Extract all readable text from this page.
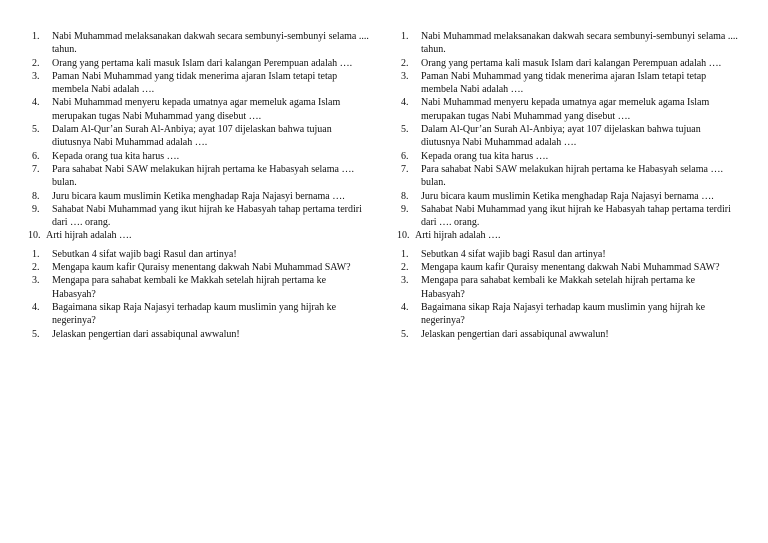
1.	Nabi Muhammad melaksanakan dakwah secara sembunyi-sembunyi selama .... tahun.
2.	Orang yang pertama kali masuk Islam dari kalangan Perempuan adalah ….
3.	Paman Nabi Muhammad yang tidak menerima ajaran Islam tetapi tetap membela Nabi adalah ….
4.	Nabi Muhammad menyeru kepada umatnya agar memeluk agama Islam merupakan tugas Nabi Muhammad yang disebut ….
5.	Dalam Al-Qur’an Surah Al-Anbiya; ayat 107 dijelaskan bahwa tujuan diutusnya Nabi Muhammad adalah ….
6.	Kepada orang tua kita harus ….
7.	Para sahabat Nabi SAW melakukan hijrah pertama ke Habasyah selama …. bulan.
8.	Juru bicara kaum muslimin Ketika menghadap Raja Najasyi bernama ….
9.	Sahabat Nabi Muhammad yang ikut hijrah ke Habasyah tahap pertama terdiri dari …. orang.
10. Arti hijrah adalah ….
1.	Sebutkan 4 sifat wajib bagi Rasul dan artinya!
2.	Mengapa kaum kafir Quraisy menentang dakwah Nabi Muhammad SAW?
3.	Mengapa para sahabat kembali ke Makkah setelah hijrah pertama ke Habasyah?
4.	Bagaimana sikap Raja Najasyi terhadap kaum muslimin yang hijrah ke negerinya?
5.	Jelaskan pengertian dari assabiqunal awwalun!
1.	Nabi Muhammad melaksanakan dakwah secara sembunyi-sembunyi selama .... tahun.
2.	Orang yang pertama kali masuk Islam dari kalangan Perempuan adalah ….
3.	Paman Nabi Muhammad yang tidak menerima ajaran Islam tetapi tetap membela Nabi adalah ….
4.	Nabi Muhammad menyeru kepada umatnya agar memeluk agama Islam merupakan tugas Nabi Muhammad yang disebut ….
5.	Dalam Al-Qur’an Surah Al-Anbiya; ayat 107 dijelaskan bahwa tujuan diutusnya Nabi Muhammad adalah ….
6.	Kepada orang tua kita harus ….
7.	Para sahabat Nabi SAW melakukan hijrah pertama ke Habasyah selama …. bulan.
8.	Juru bicara kaum muslimin Ketika menghadap Raja Najasyi bernama ….
9.	Sahabat Nabi Muhammad yang ikut hijrah ke Habasyah tahap pertama terdiri dari …. orang.
10. Arti hijrah adalah ….
1.	Sebutkan 4 sifat wajib bagi Rasul dan artinya!
2.	Mengapa kaum kafir Quraisy menentang dakwah Nabi Muhammad SAW?
3.	Mengapa para sahabat kembali ke Makkah setelah hijrah pertama ke Habasyah?
4.	Bagaimana sikap Raja Najasyi terhadap kaum muslimin yang hijrah ke negerinya?
5.	Jelaskan pengertian dari assabiqunal awwalun!
